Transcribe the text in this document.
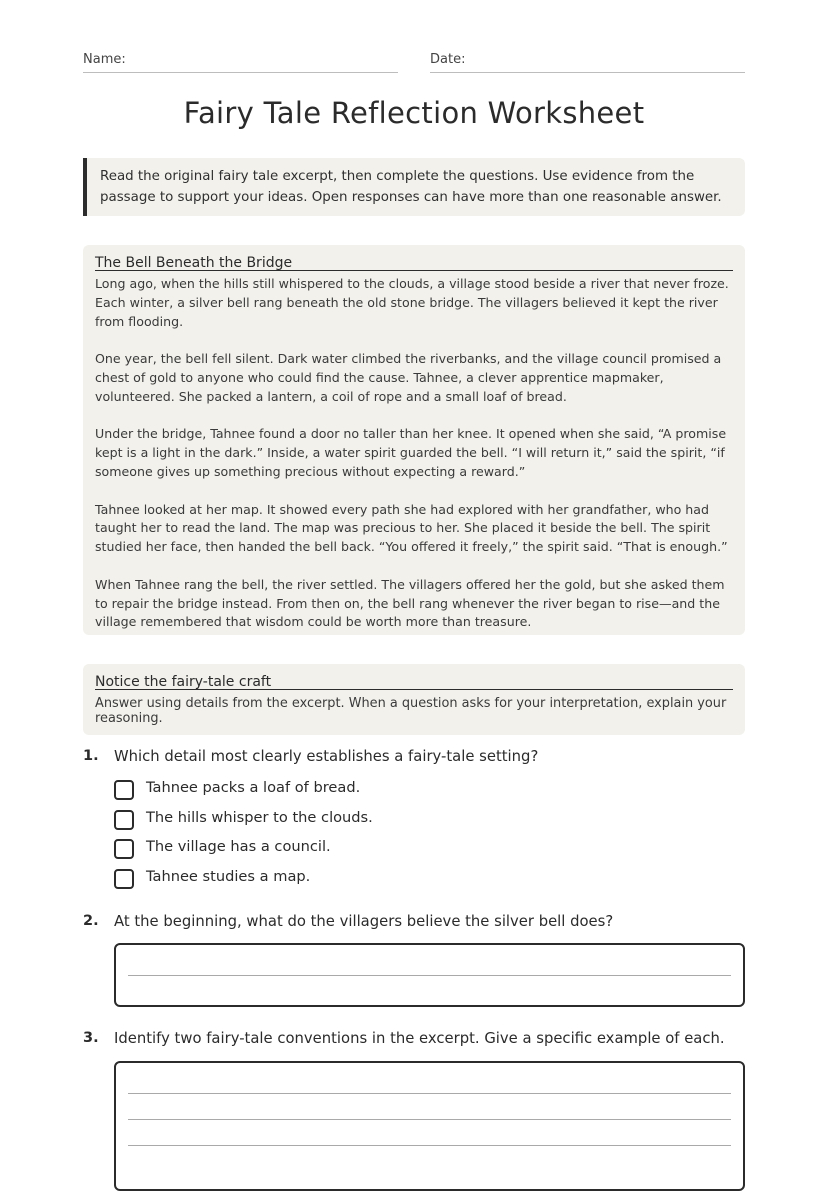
Name:	Date:
Fairy Tale Reflection Worksheet
Read the original fairy tale excerpt, then complete the questions. Use evidence from the passage to support your ideas. Open responses can have more than one reasonable answer.
The Bell Beneath the Bridge

Long ago, when the hills still whispered to the clouds, a village stood beside a river that never froze. Each winter, a silver bell rang beneath the old stone bridge. The villagers believed it kept the river from flooding.

One year, the bell fell silent. Dark water climbed the riverbanks, and the village council promised a chest of gold to anyone who could find the cause. Tahnee, a clever apprentice mapmaker, volunteered. She packed a lantern, a coil of rope and a small loaf of bread.

Under the bridge, Tahnee found a door no taller than her knee. It opened when she said, “A promise kept is a light in the dark.” Inside, a water spirit guarded the bell. “I will return it,” said the spirit, “if someone gives up something precious without expecting a reward.”

Tahnee looked at her map. It showed every path she had explored with her grandfather, who had taught her to read the land. The map was precious to her. She placed it beside the bell. The spirit studied her face, then handed the bell back. “You offered it freely,” the spirit said. “That is enough.”

When Tahnee rang the bell, the river settled. The villagers offered her the gold, but she asked them to repair the bridge instead. From then on, the bell rang whenever the river began to rise—and the village remembered that wisdom could be worth more than treasure.

Notice the fairy-tale craft
Answer using details from the excerpt. When a question asks for your interpretation, explain your reasoning.
1. Which detail most clearly establishes a fairy-tale setting?
Tahnee packs a loaf of bread.
The hills whisper to the clouds.
The village has a council.
Tahnee studies a map.
2. At the beginning, what do the villagers believe the silver bell does?
3. Identify two fairy-tale conventions in the excerpt. Give a specific example of each.
